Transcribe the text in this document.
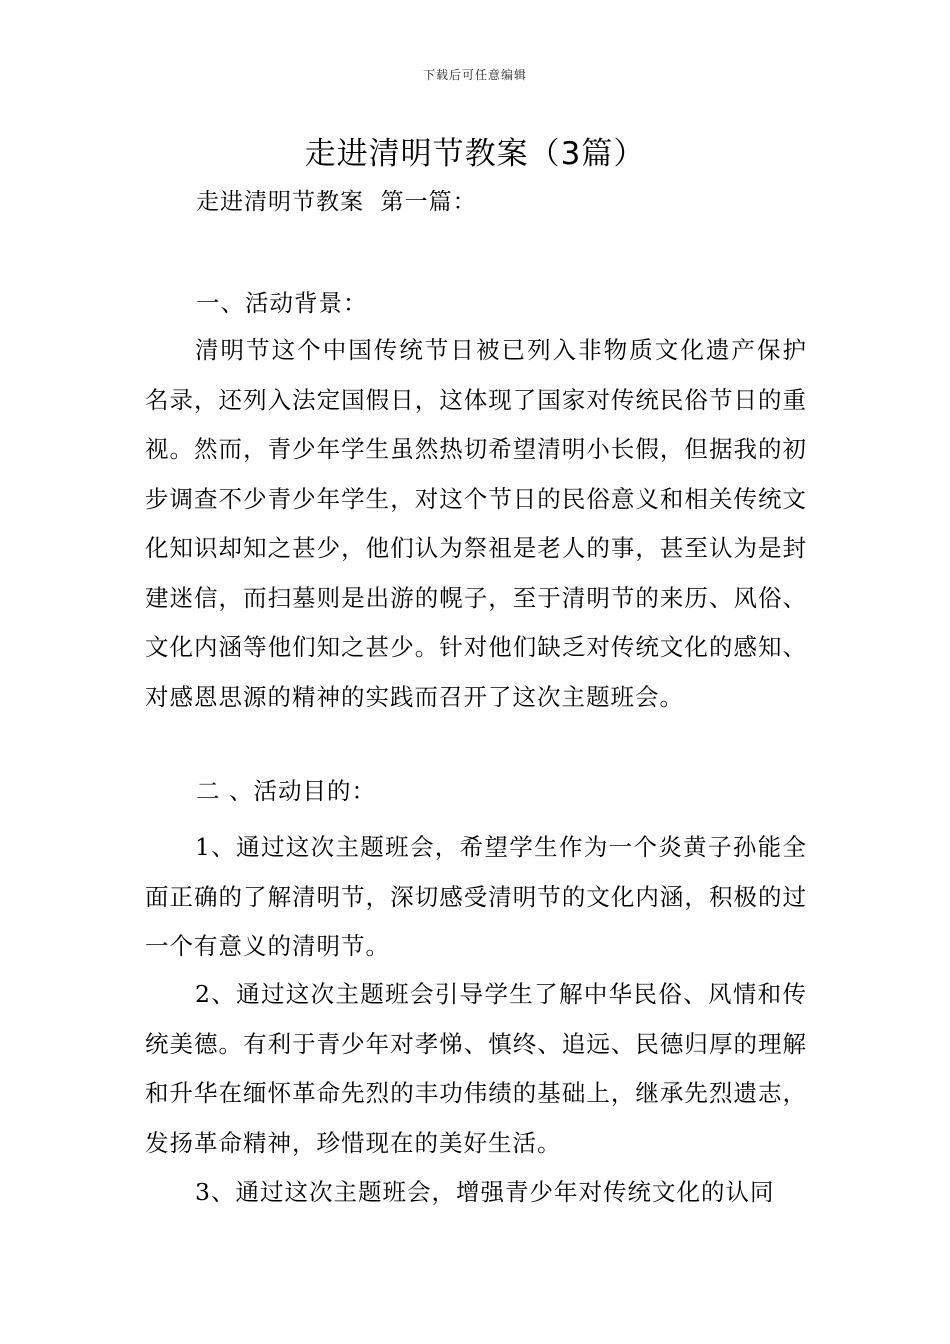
下载后可任意编辑
走进清明节教案（3篇）
走进清明节教案  第一篇：

一、活动背景：

清明节这个中国传统节日被已列入非物质文化遗产保护名录，还列入法定国假日，这体现了国家对传统民俗节日的重视。然而，青少年学生虽然热切希望清明小长假，但据我的初步调查不少青少年学生，对这个节日的民俗意义和相关传统文化知识却知之甚少，他们认为祭祖是老人的事，甚至认为是封建迷信，而扫墓则是出游的幌子，至于清明节的来历、风俗、文化内涵等他们知之甚少。针对他们缺乏对传统文化的感知、对感恩思源的精神的实践而召开了这次主题班会。

二 、活动目的：

1、通过这次主题班会，希望学生作为一个炎黄子孙能全面正确的了解清明节，深切感受清明节的文化内涵，积极的过一个有意义的清明节。

2、通过这次主题班会引导学生了解中华民俗、风情和传统美德。有利于青少年对孝悌、慎终、追远、民德归厚的理解和升华在缅怀革命先烈的丰功伟绩的基础上，继承先烈遗志，发扬革命精神，珍惜现在的美好生活。

3、通过这次主题班会，增强青少年对传统文化的认同
